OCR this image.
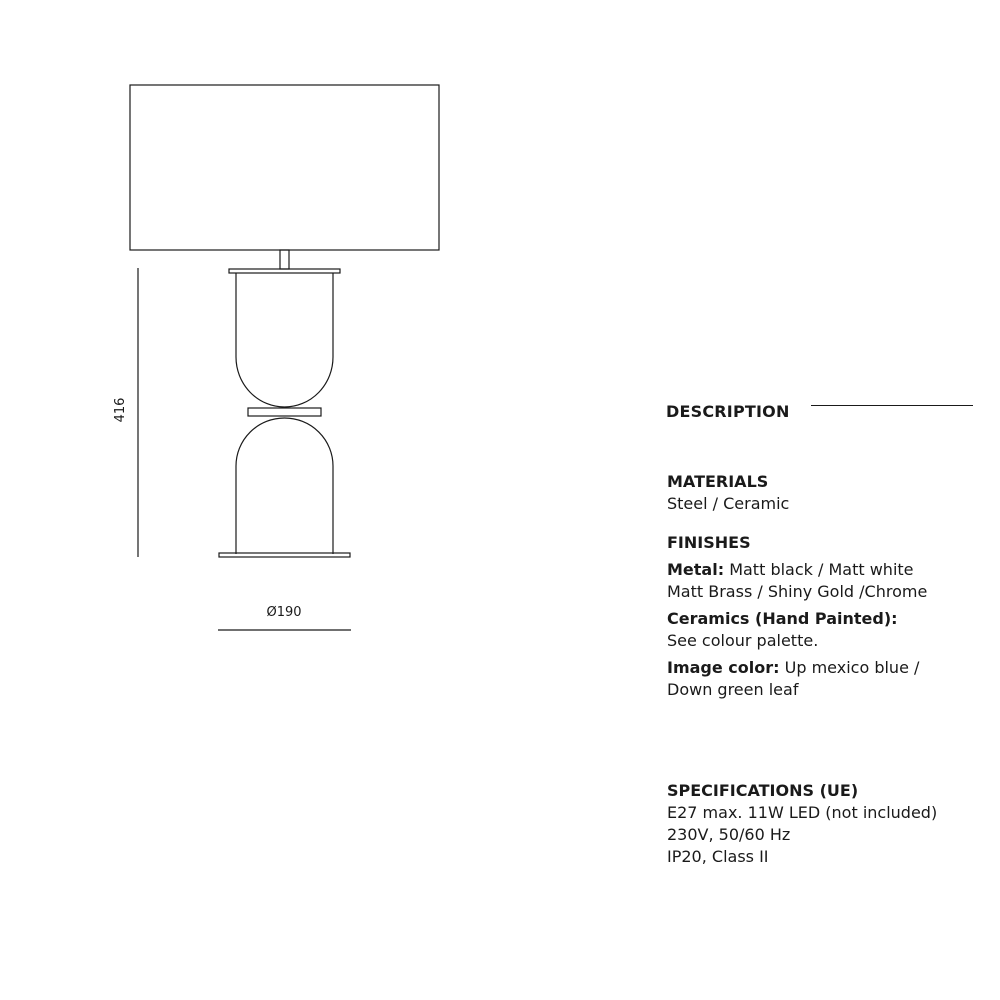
416
Ø190
DESCRIPTION

MATERIALS

Steel / Ceramic

FINISHES

Metal: Matt black / Matt white

Matt Brass / Shiny Gold /Chrome

Ceramics (Hand Painted):

See colour palette.

Image color: Up mexico blue /

Down green leaf

SPECIFICATIONS (UE)

E27 max. 11W LED (not included)

230V, 50/60 Hz

IP20, Class II
